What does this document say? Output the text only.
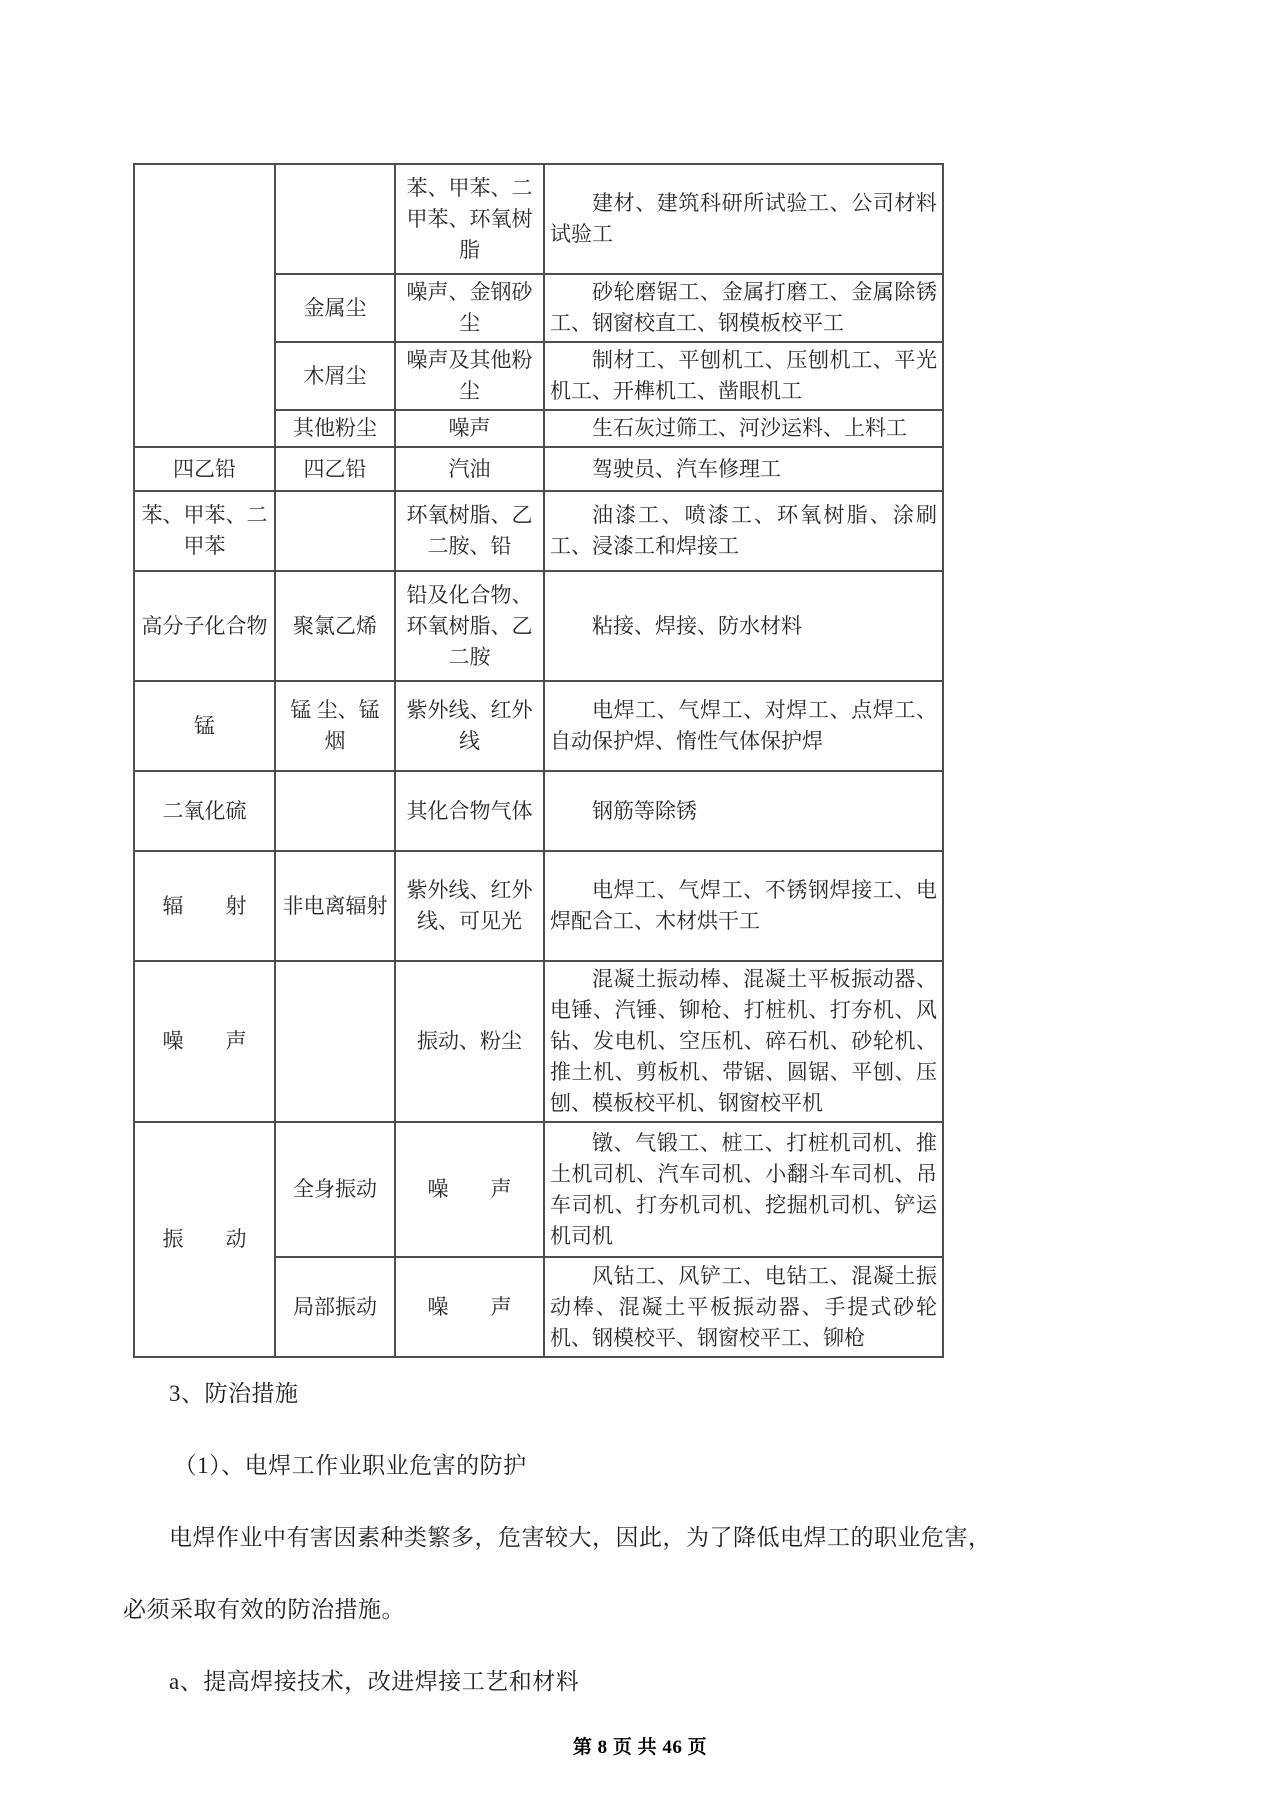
		苯、甲苯、二甲苯、环氧树脂	建材、建筑科研所试验工、公司材料试验工
	金属尘	噪声、金钢砂尘	砂轮磨锯工、金属打磨工、金属除锈工、钢窗校直工、钢模板校平工
	木屑尘	噪声及其他粉尘	制材工、平刨机工、压刨机工、平光机工、开榫机工、凿眼机工
	其他粉尘	噪声	生石灰过筛工、河沙运料、上料工
四乙铅	四乙铅	汽油	驾驶员、汽车修理工
苯、甲苯、二甲苯		环氧树脂、乙二胺、铅	油漆工、喷漆工、环氧树脂、涂刷工、浸漆工和焊接工
高分子化合物	聚氯乙烯	铅及化合物、环氧树脂、乙二胺	粘接、焊接、防水材料
锰	锰 尘、锰 烟	紫外线、红外线	电焊工、气焊工、对焊工、点焊工、自动保护焊、惰性气体保护焊
二氧化硫		其化合物气体	钢筋等除锈
辐　　射	非电离辐射	紫外线、红外线、可见光	电焊工、气焊工、不锈钢焊接工、电焊配合工、木材烘干工
噪　　声		振动、粉尘	混凝土振动棒、混凝土平板振动器、电锤、汽锤、铆枪、打桩机、打夯机、风钻、发电机、空压机、碎石机、砂轮机、推土机、剪板机、带锯、圆锯、平刨、压刨、模板校平机、钢窗校平机
振　　动	全身振动	噪　　声	镦、气锻工、桩工、打桩机司机、推土机司机、汽车司机、小翻斗车司机、吊车司机、打夯机司机、挖掘机司机、铲运机司机
	局部振动	噪　　声	风钻工、风铲工、电钻工、混凝土振动棒、混凝土平板振动器、手提式砂轮机、钢模校平、钢窗校平工、铆枪

3、防治措施

（1）、电焊工作业职业危害的防护

电焊作业中有害因素种类繁多，危害较大，因此，为了降低电焊工的职业危害，必须采取有效的防治措施。

a、提高焊接技术，改进焊接工艺和材料

第 8 页 共 46 页
